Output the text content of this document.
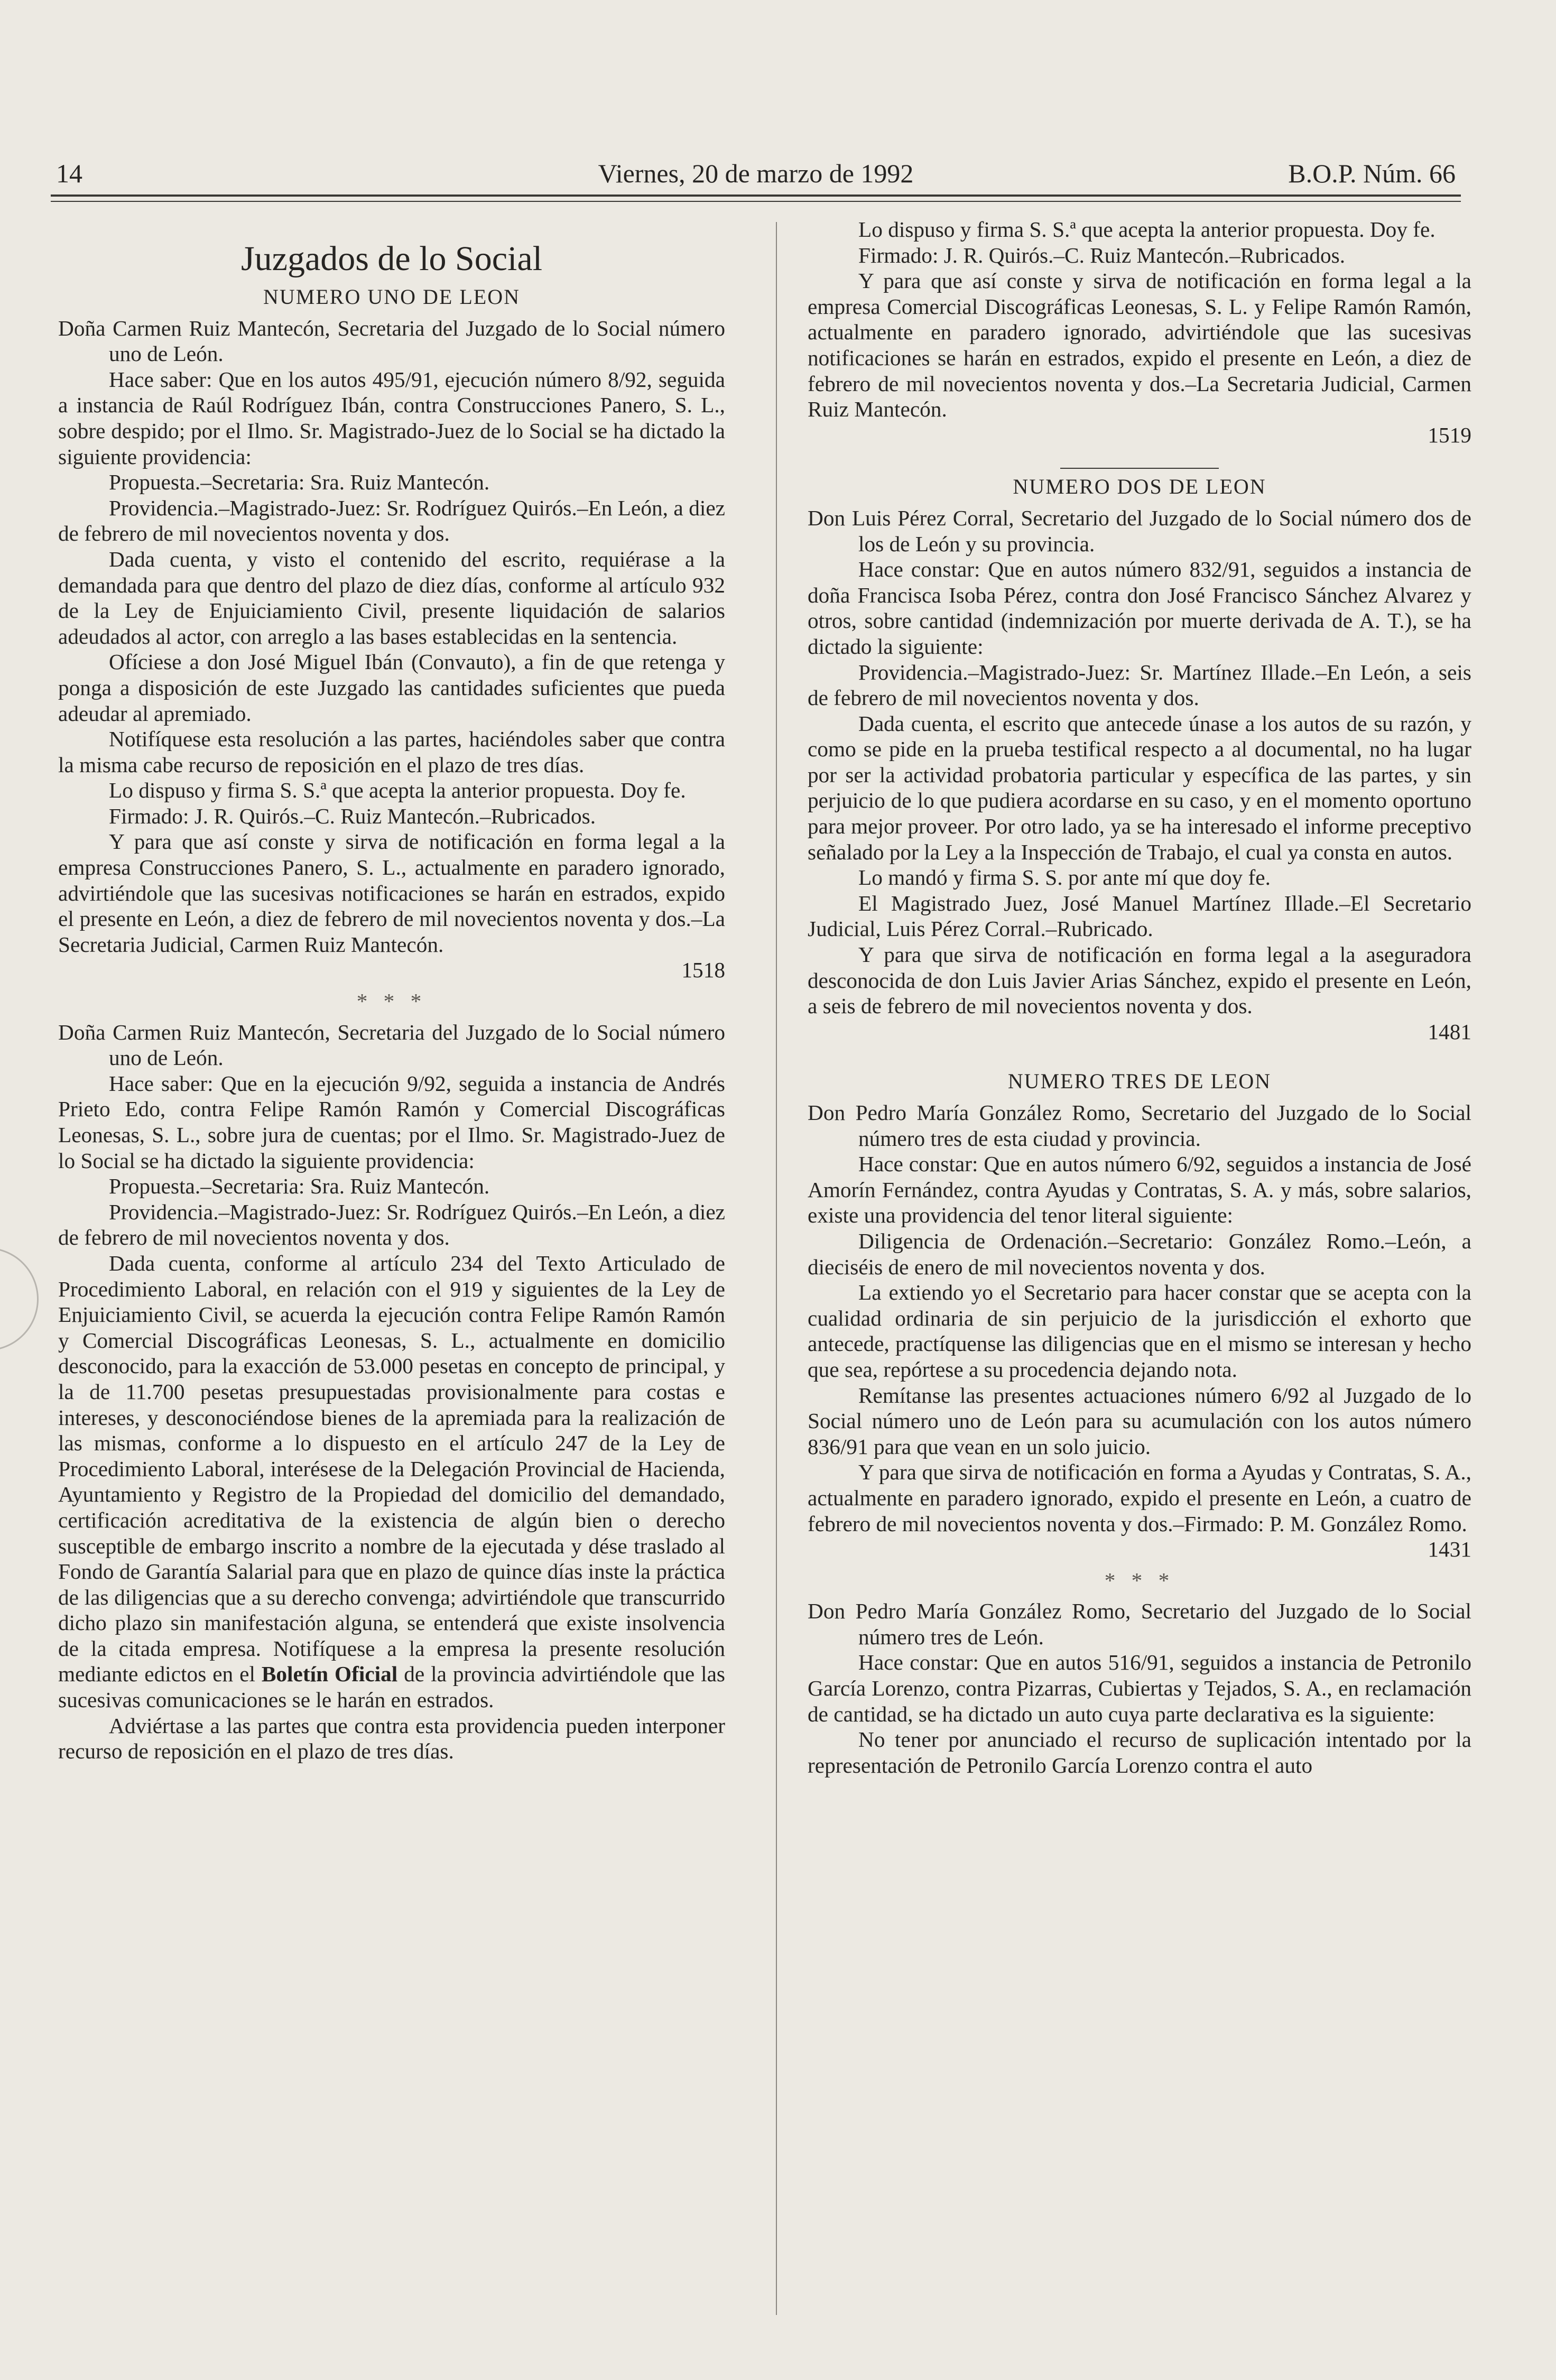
14	Viernes, 20 de marzo de 1992	B.O.P. Núm. 66
Juzgados de lo Social
NUMERO UNO DE LEON

Doña Carmen Ruiz Mantecón, Secretaria del Juzgado de lo Social número uno de León.

Hace saber: Que en los autos 495/91, ejecución número 8/92, seguida a instancia de Raúl Rodríguez Ibán, contra Construcciones Panero, S. L., sobre despido; por el Ilmo. Sr. Magistrado-Juez de lo Social se ha dictado la siguiente providencia:

Propuesta.–Secretaria: Sra. Ruiz Mantecón.

Providencia.–Magistrado-Juez: Sr. Rodríguez Quirós.–En León, a diez de febrero de mil novecientos noventa y dos.

Dada cuenta, y visto el contenido del escrito, requiérase a la demandada para que dentro del plazo de diez días, conforme al artículo 932 de la Ley de Enjuiciamiento Civil, presente liquidación de salarios adeudados al actor, con arreglo a las bases establecidas en la sentencia.

Ofíciese a don José Miguel Ibán (Convauto), a fin de que retenga y ponga a disposición de este Juzgado las cantidades suficientes que pueda adeudar al apremiado.

Notifíquese esta resolución a las partes, haciéndoles saber que contra la misma cabe recurso de reposición en el plazo de tres días.

Lo dispuso y firma S. S.ª que acepta la anterior propuesta. Doy fe.

Firmado: J. R. Quirós.–C. Ruiz Mantecón.–Rubricados.

Y para que así conste y sirva de notificación en forma legal a la empresa Construcciones Panero, S. L., actualmente en paradero ignorado, advirtiéndole que las sucesivas notificaciones se harán en estrados, expido el presente en León, a diez de febrero de mil novecientos noventa y dos.–La Secretaria Judicial, Carmen Ruiz Mantecón.

1518

* * *

Doña Carmen Ruiz Mantecón, Secretaria del Juzgado de lo Social número uno de León.

Hace saber: Que en la ejecución 9/92, seguida a instancia de Andrés Prieto Edo, contra Felipe Ramón Ramón y Comercial Discográficas Leonesas, S. L., sobre jura de cuentas; por el Ilmo. Sr. Magistrado-Juez de lo Social se ha dictado la siguiente providencia:

Propuesta.–Secretaria: Sra. Ruiz Mantecón.

Providencia.–Magistrado-Juez: Sr. Rodríguez Quirós.–En León, a diez de febrero de mil novecientos noventa y dos.

Dada cuenta, conforme al artículo 234 del Texto Articulado de Procedimiento Laboral, en relación con el 919 y siguientes de la Ley de Enjuiciamiento Civil, se acuerda la ejecución contra Felipe Ramón Ramón y Comercial Discográficas Leonesas, S. L., actualmente en domicilio desconocido, para la exacción de 53.000 pesetas en concepto de principal, y la de 11.700 pesetas presupuestadas provisionalmente para costas e intereses, y desconociéndose bienes de la apremiada para la realización de las mismas, conforme a lo dispuesto en el artículo 247 de la Ley de Procedimiento Laboral, interésese de la Delegación Provincial de Hacienda, Ayuntamiento y Registro de la Propiedad del domicilio del demandado, certificación acreditativa de la existencia de algún bien o derecho susceptible de embargo inscrito a nombre de la ejecutada y dése traslado al Fondo de Garantía Salarial para que en plazo de quince días inste la práctica de las diligencias que a su derecho convenga; advirtiéndole que transcurrido dicho plazo sin manifestación alguna, se entenderá que existe insolvencia de la citada empresa. Notifíquese a la empresa la presente resolución mediante edictos en el Boletín Oficial de la provincia advirtiéndole que las sucesivas comunicaciones se le harán en estrados.

Adviértase a las partes que contra esta providencia pueden interponer recurso de reposición en el plazo de tres días.

Lo dispuso y firma S. S.ª que acepta la anterior propuesta. Doy fe.

Firmado: J. R. Quirós.–C. Ruiz Mantecón.–Rubricados.

Y para que así conste y sirva de notificación en forma legal a la empresa Comercial Discográficas Leonesas, S. L. y Felipe Ramón Ramón, actualmente en paradero ignorado, advirtiéndole que las sucesivas notificaciones se harán en estrados, expido el presente en León, a diez de febrero de mil novecientos noventa y dos.–La Secretaria Judicial, Carmen Ruiz Mantecón.

1519

NUMERO DOS DE LEON

Don Luis Pérez Corral, Secretario del Juzgado de lo Social número dos de los de León y su provincia.

Hace constar: Que en autos número 832/91, seguidos a instancia de doña Francisca Isoba Pérez, contra don José Francisco Sánchez Alvarez y otros, sobre cantidad (indemnización por muerte derivada de A. T.), se ha dictado la siguiente:

Providencia.–Magistrado-Juez: Sr. Martínez Illade.–En León, a seis de febrero de mil novecientos noventa y dos.

Dada cuenta, el escrito que antecede únase a los autos de su razón, y como se pide en la prueba testifical respecto a al documental, no ha lugar por ser la actividad probatoria particular y específica de las partes, y sin perjuicio de lo que pudiera acordarse en su caso, y en el momento oportuno para mejor proveer. Por otro lado, ya se ha interesado el informe preceptivo señalado por la Ley a la Inspección de Trabajo, el cual ya consta en autos.

Lo mandó y firma S. S. por ante mí que doy fe.

El Magistrado Juez, José Manuel Martínez Illade.–El Secretario Judicial, Luis Pérez Corral.–Rubricado.

Y para que sirva de notificación en forma legal a la aseguradora desconocida de don Luis Javier Arias Sánchez, expido el presente en León, a seis de febrero de mil novecientos noventa y dos.

1481

NUMERO TRES DE LEON

Don Pedro María González Romo, Secretario del Juzgado de lo Social número tres de esta ciudad y provincia.

Hace constar: Que en autos número 6/92, seguidos a instancia de José Amorín Fernández, contra Ayudas y Contratas, S. A. y más, sobre salarios, existe una providencia del tenor literal siguiente:

Diligencia de Ordenación.–Secretario: González Romo.–León, a dieciséis de enero de mil novecientos noventa y dos.

La extiendo yo el Secretario para hacer constar que se acepta con la cualidad ordinaria de sin perjuicio de la jurisdicción el exhorto que antecede, practíquense las diligencias que en el mismo se interesan y hecho que sea, repórtese a su procedencia dejando nota.

Remítanse las presentes actuaciones número 6/92 al Juzgado de lo Social número uno de León para su acumulación con los autos número 836/91 para que vean en un solo juicio.

Y para que sirva de notificación en forma a Ayudas y Contratas, S. A., actualmente en paradero ignorado, expido el presente en León, a cuatro de febrero de mil novecientos noventa y dos.–Firmado: P. M. González Romo.

1431

* * *

Don Pedro María González Romo, Secretario del Juzgado de lo Social número tres de León.

Hace constar: Que en autos 516/91, seguidos a instancia de Petronilo García Lorenzo, contra Pizarras, Cubiertas y Tejados, S. A., en reclamación de cantidad, se ha dictado un auto cuya parte declarativa es la siguiente:

No tener por anunciado el recurso de suplicación intentado por la representación de Petronilo García Lorenzo contra el auto
